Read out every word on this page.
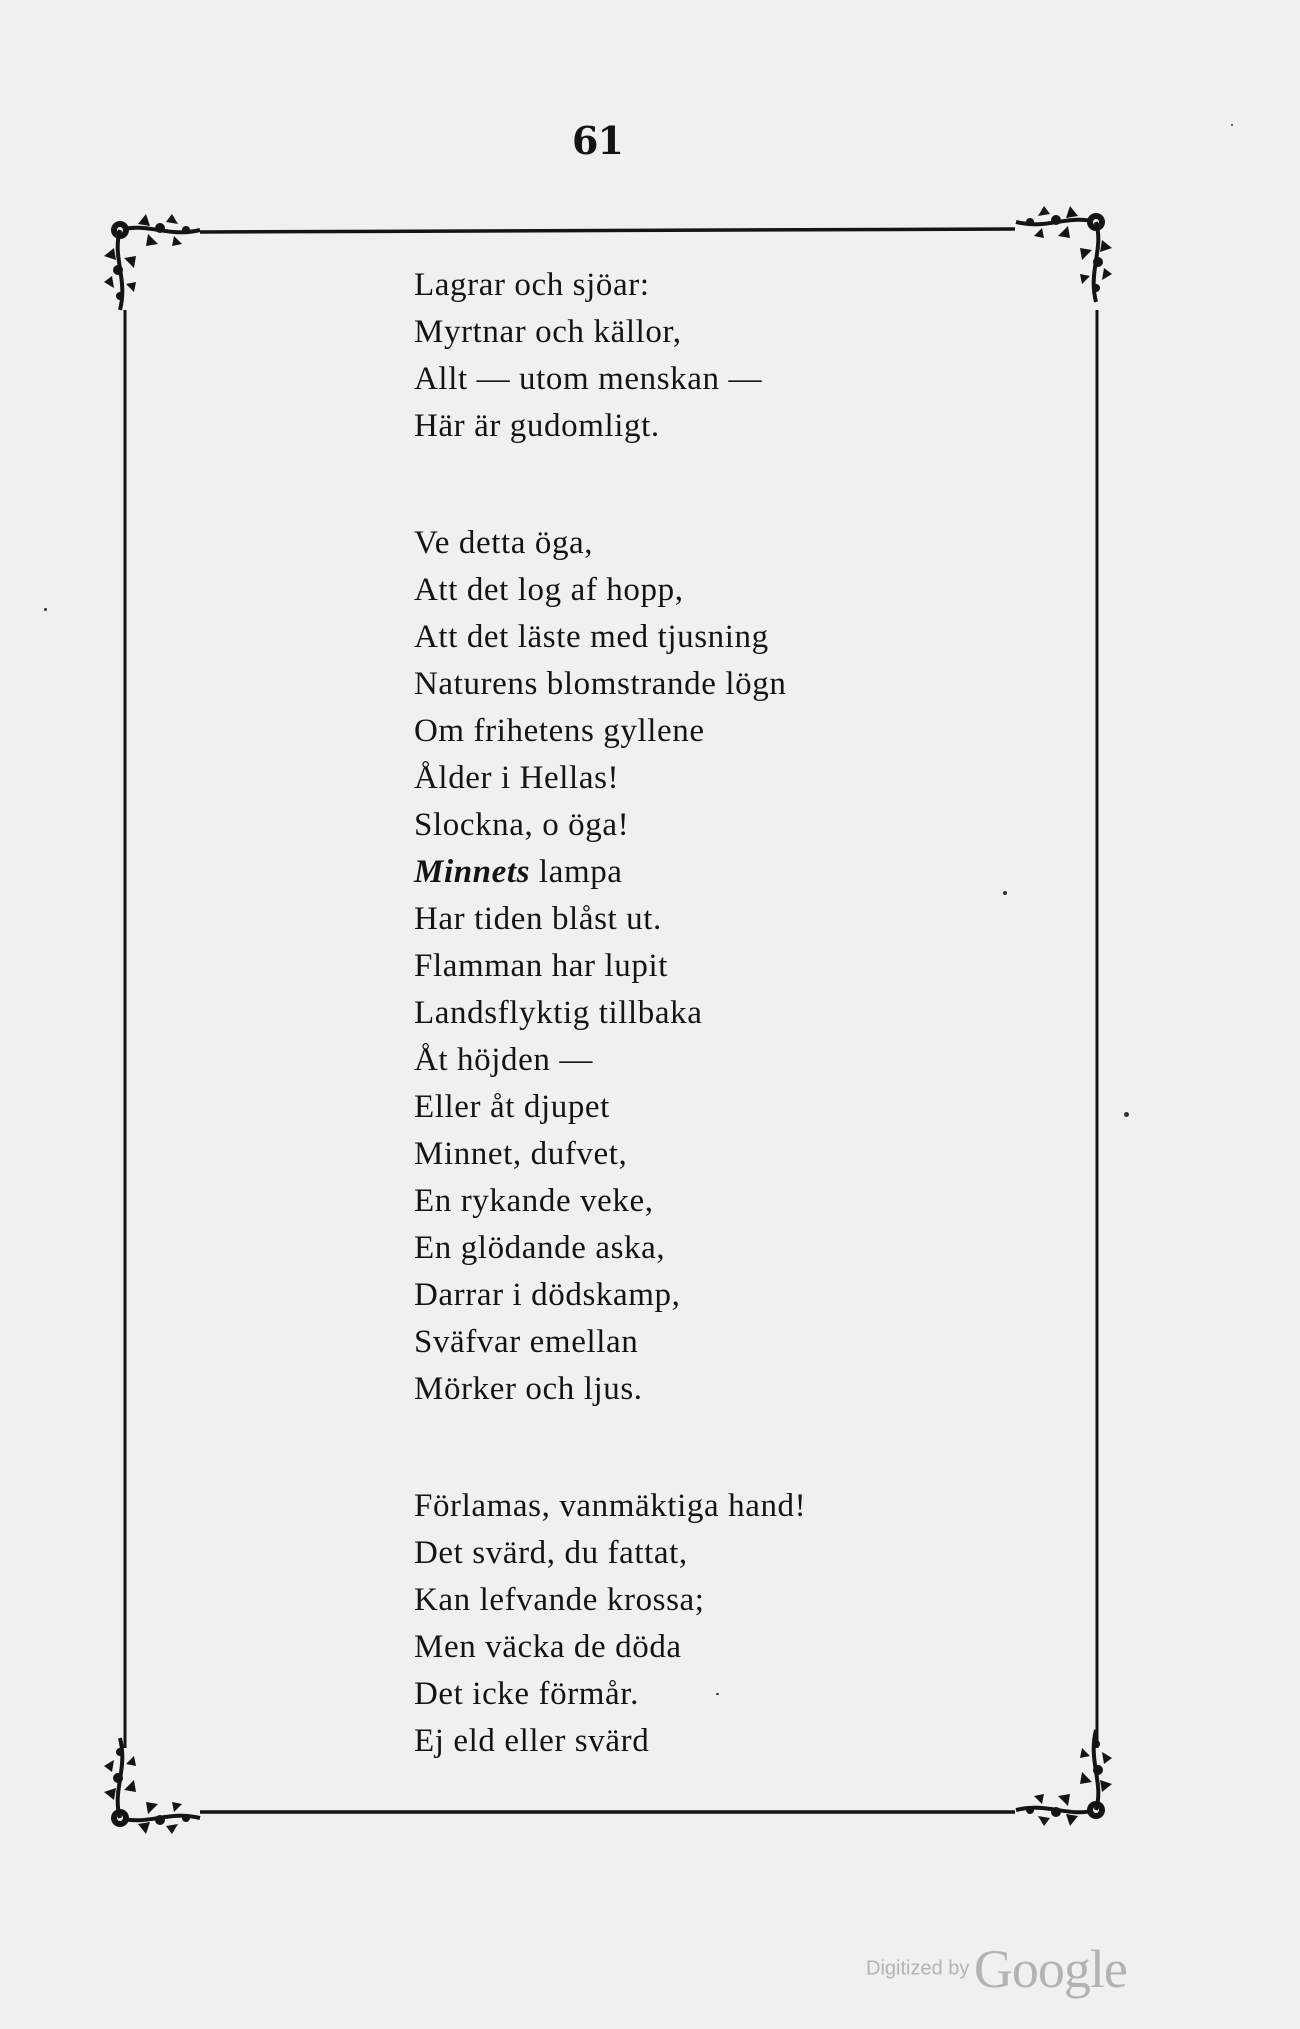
61
Lagrar och sjöar:
Myrtnar och källor,
Allt — utom menskan —
Här är gudomligt.
Ve detta öga,
Att det log af hopp,
Att det läste med tjusning
Naturens blomstrande lögn
Om frihetens gyllene
Ålder i Hellas!
Slockna, o öga!
Minnets lampa
Har tiden blåst ut.
Flamman har lupit
Landsflyktig tillbaka
Åt höjden —
Eller åt djupet
Minnet, dufvet,
En rykande veke,
En glödande aska,
Darrar i dödskamp,
Sväfvar emellan
Mörker och ljus.
Förlamas, vanmäktiga hand!
Det svärd, du fattat,
Kan lefvande krossa;
Men väcka de döda
Det icke förmår.
Ej eld eller svärd
Digitized by Google
